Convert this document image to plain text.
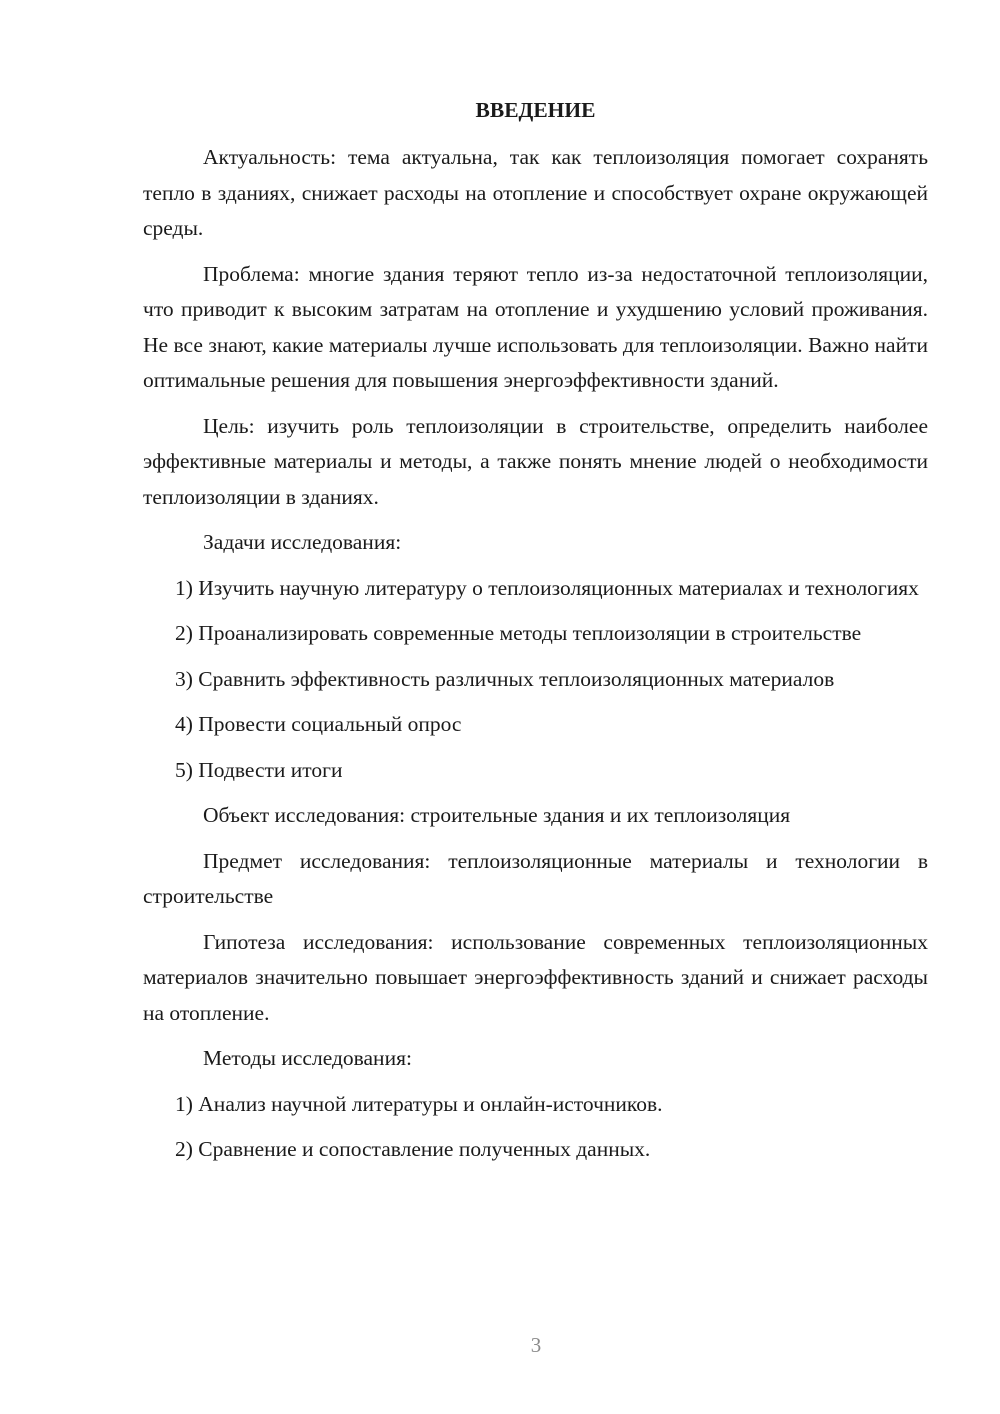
ВВЕДЕНИЕ

Актуальность: тема актуальна, так как теплоизоляция помогает сохранять тепло в зданиях, снижает расходы на отопление и способствует охране окружающей среды.

Проблема: многие здания теряют тепло из-за недостаточной теплоизоляции, что приводит к высоким затратам на отопление и ухудшению условий проживания. Не все знают, какие материалы лучше использовать для теплоизоляции. Важно найти оптимальные решения для повышения энергоэффективности зданий.

Цель: изучить роль теплоизоляции в строительстве, определить наиболее эффективные материалы и методы, а также понять мнение людей о необходимости теплоизоляции в зданиях.

Задачи исследования:

1) Изучить научную литературу о теплоизоляционных материалах и технологиях

2) Проанализировать современные методы теплоизоляции в строительстве

3) Сравнить эффективность различных теплоизоляционных материалов

4) Провести социальный опрос

5) Подвести итоги

Объект исследования: строительные здания и их теплоизоляция

Предмет исследования: теплоизоляционные материалы и технологии в строительстве

Гипотеза исследования: использование современных теплоизоляционных материалов значительно повышает энергоэффективность зданий и снижает расходы на отопление.

Методы исследования:

1) Анализ научной литературы и онлайн-источников.

2) Сравнение и сопоставление полученных данных.

3
